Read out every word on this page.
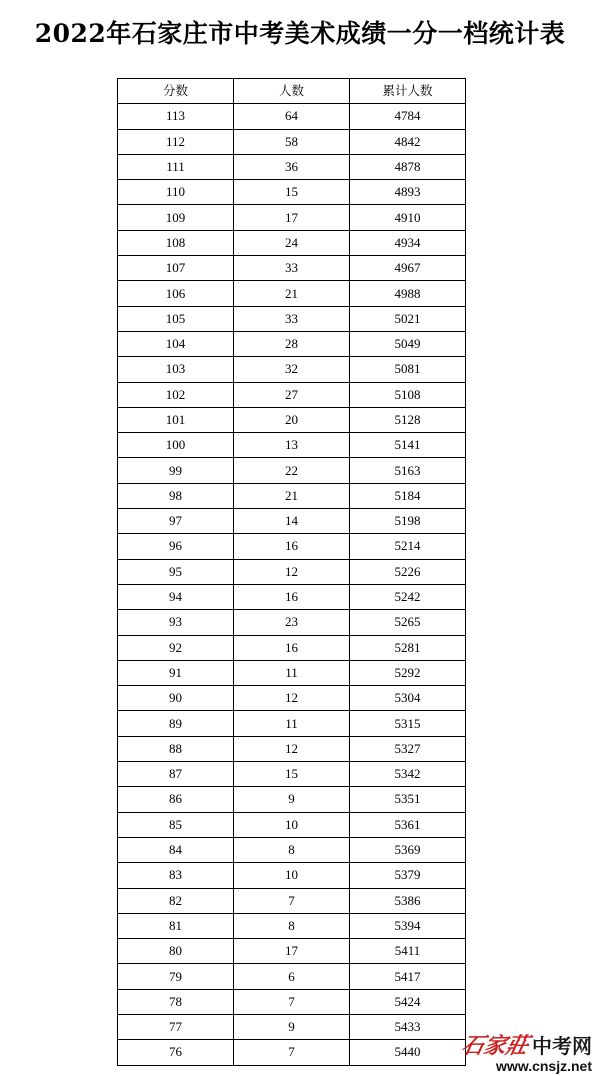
2022年石家庄市中考美术成绩一分一档统计表
分数	人数	累计人数
113	64	4784
112	58	4842
111	36	4878
110	15	4893
109	17	4910
108	24	4934
107	33	4967
106	21	4988
105	33	5021
104	28	5049
103	32	5081
102	27	5108
101	20	5128
100	13	5141
99	22	5163
98	21	5184
97	14	5198
96	16	5214
95	12	5226
94	16	5242
93	23	5265
92	16	5281
91	11	5292
90	12	5304
89	11	5315
88	12	5327
87	15	5342
86	9	5351
85	10	5361
84	8	5369
83	10	5379
82	7	5386
81	8	5394
80	17	5411
79	6	5417
78	7	5424
77	9	5433
76	7	5440 石家莊 中考网
www.cnsjz.net
